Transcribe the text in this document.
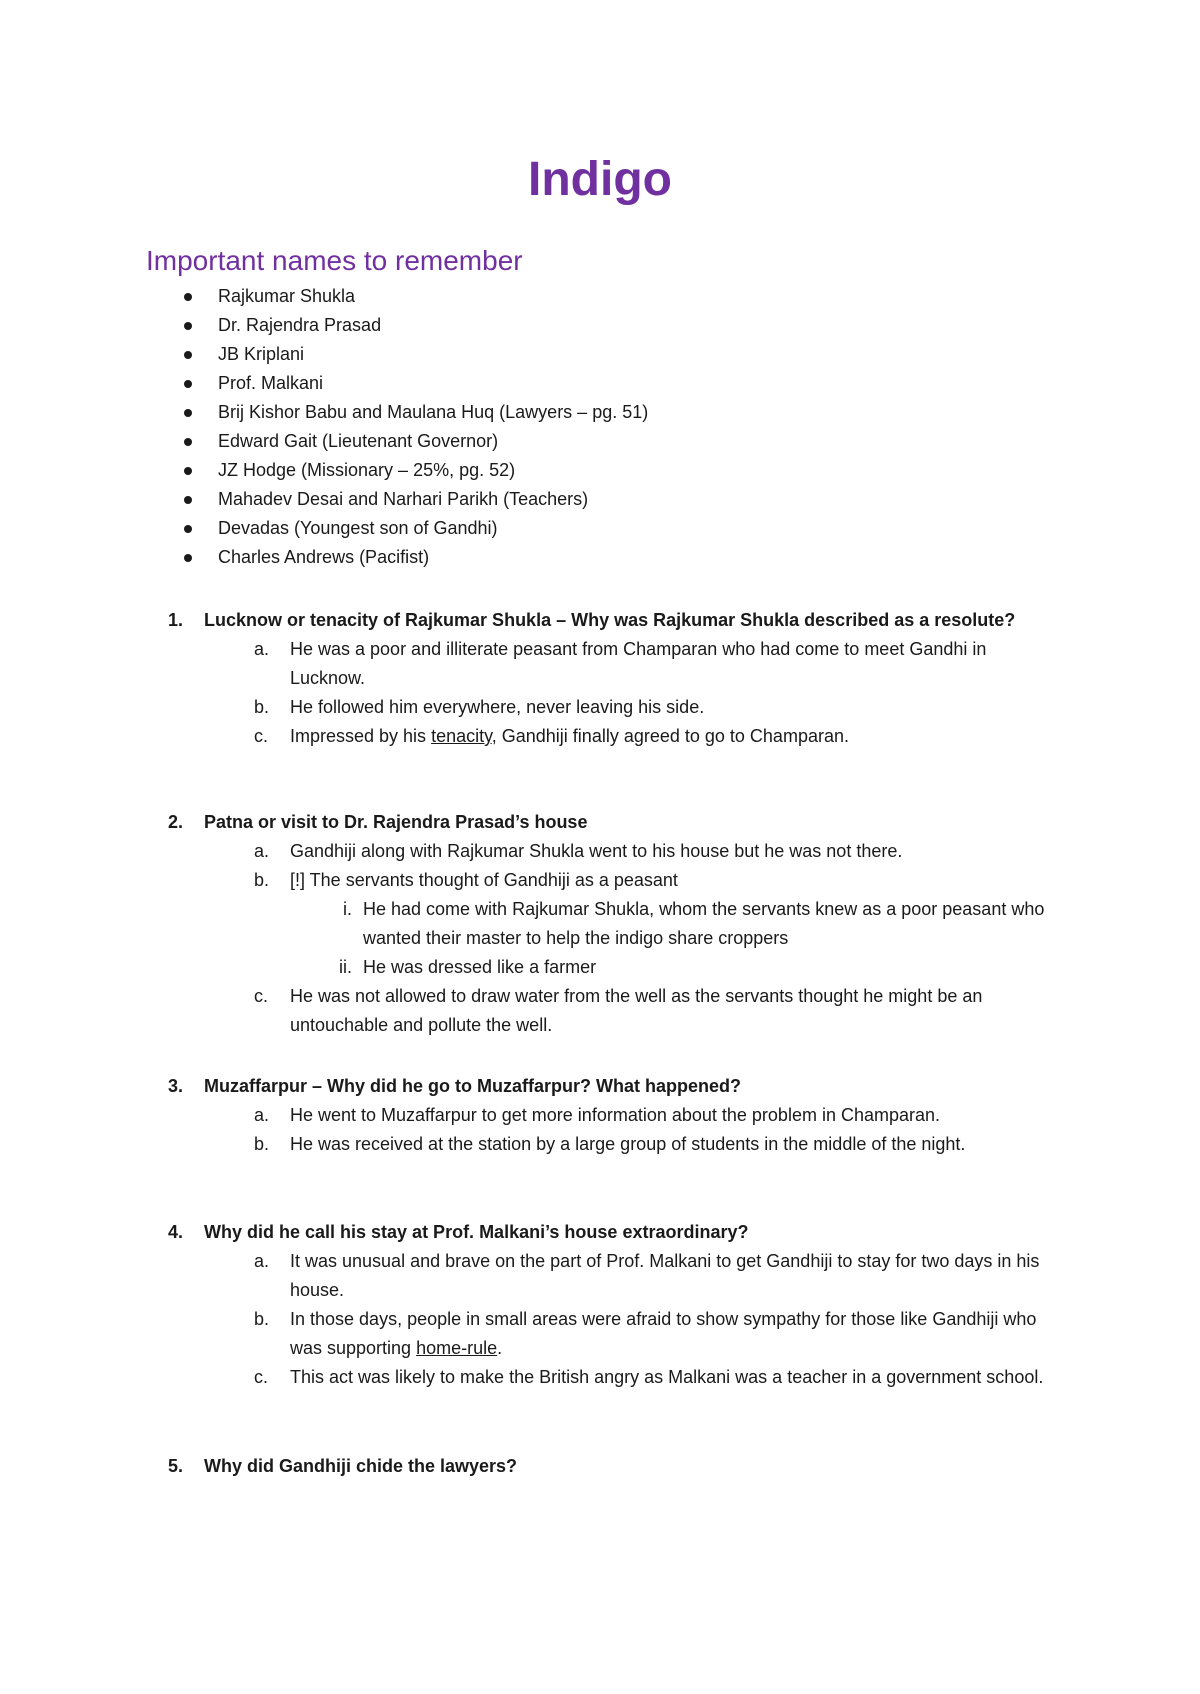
Indigo
Important names to remember
Rajkumar Shukla
Dr. Rajendra Prasad
JB Kriplani
Prof. Malkani
Brij Kishor Babu and Maulana Huq (Lawyers – pg. 51)
Edward Gait (Lieutenant Governor)
JZ Hodge (Missionary – 25%, pg. 52)
Mahadev Desai and Narhari Parikh (Teachers)
Devadas (Youngest son of Gandhi)
Charles Andrews (Pacifist)
1. Lucknow or tenacity of Rajkumar Shukla – Why was Rajkumar Shukla described as a resolute?
a. He was a poor and illiterate peasant from Champaran who had come to meet Gandhi in Lucknow.
b. He followed him everywhere, never leaving his side.
c. Impressed by his tenacity, Gandhiji finally agreed to go to Champaran.
2. Patna or visit to Dr. Rajendra Prasad’s house
a. Gandhiji along with Rajkumar Shukla went to his house but he was not there.
b. [!] The servants thought of Gandhiji as a peasant
i. He had come with Rajkumar Shukla, whom the servants knew as a poor peasant who wanted their master to help the indigo share croppers
ii. He was dressed like a farmer
c. He was not allowed to draw water from the well as the servants thought he might be an untouchable and pollute the well.
3. Muzaffarpur – Why did he go to Muzaffarpur? What happened?
a. He went to Muzaffarpur to get more information about the problem in Champaran.
b. He was received at the station by a large group of students in the middle of the night.
4. Why did he call his stay at Prof. Malkani’s house extraordinary?
a. It was unusual and brave on the part of Prof. Malkani to get Gandhiji to stay for two days in his house.
b. In those days, people in small areas were afraid to show sympathy for those like Gandhiji who was supporting home-rule.
c. This act was likely to make the British angry as Malkani was a teacher in a government school.
5. Why did Gandhiji chide the lawyers?
